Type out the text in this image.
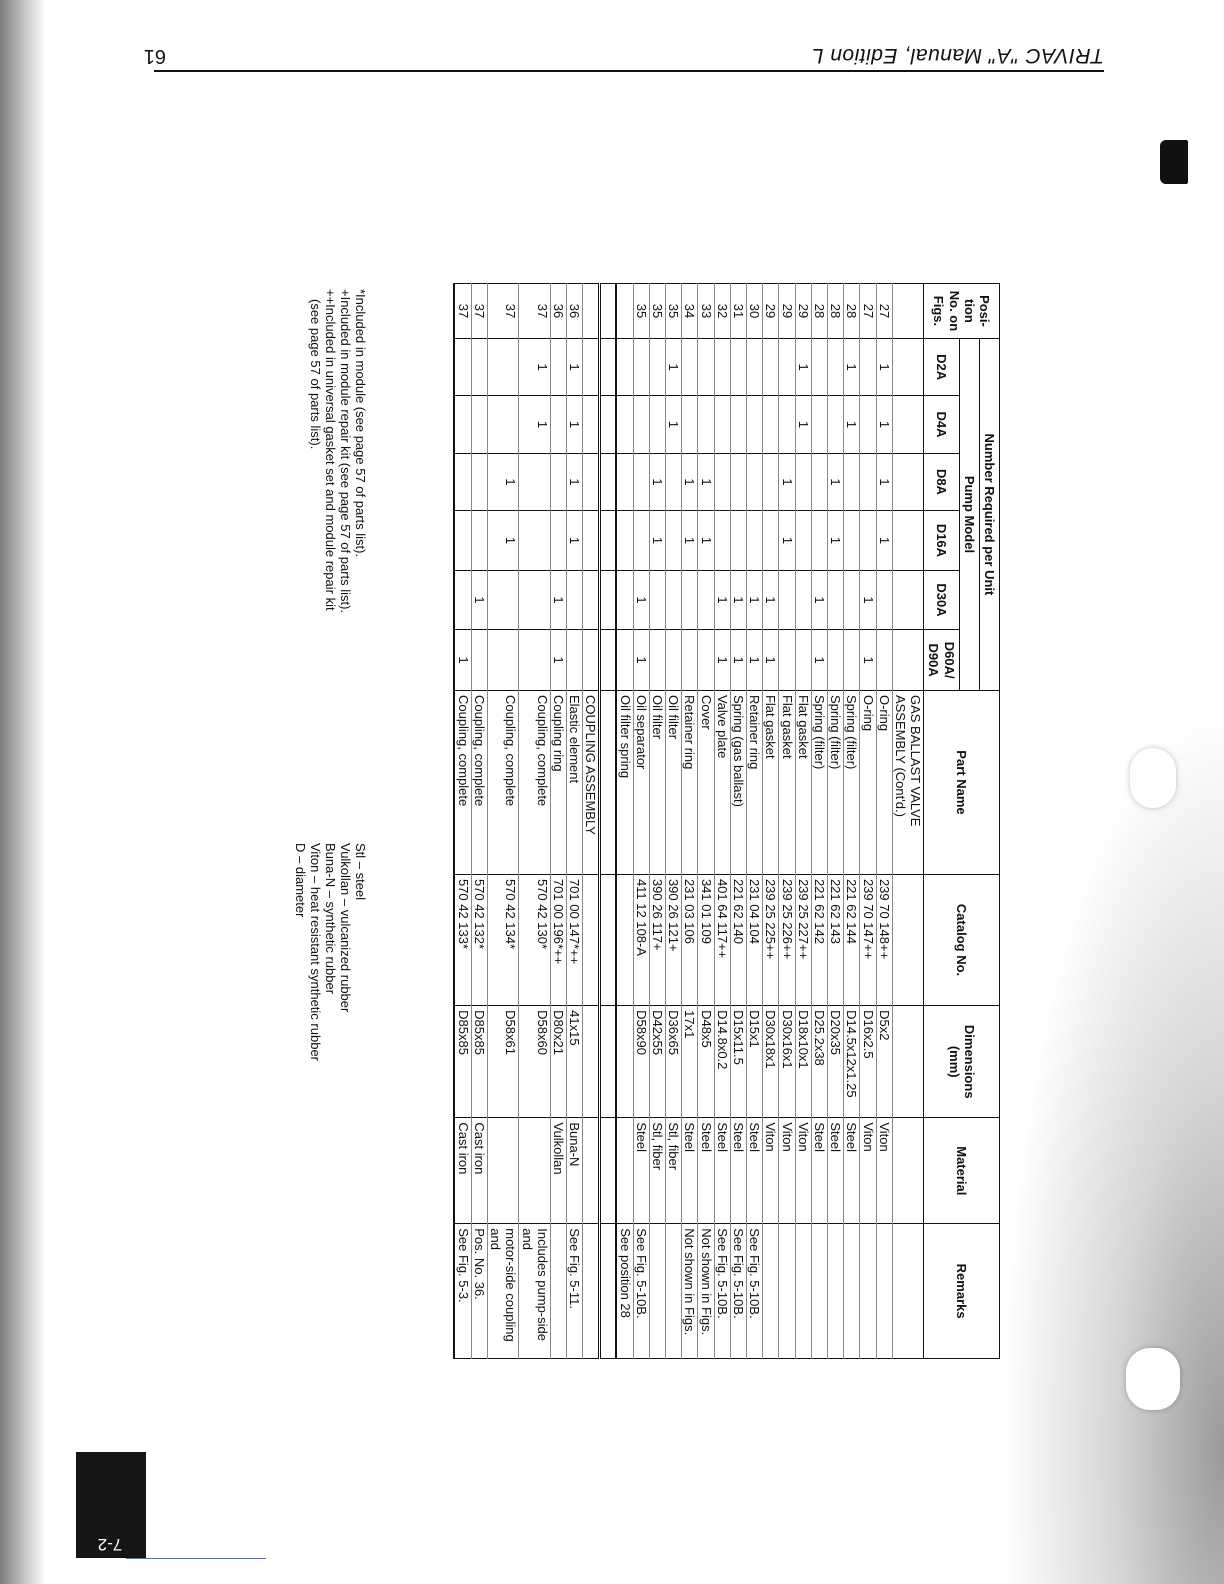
TRIVAC "A" Manual, Edition L
61
7-2
Posi-tion No. on Figs.	Number Required per Unit						Part Name	Catalog No.	Dimensions (mm)	Material	Remarks
	Pump Model										
	D2A	D4A	D8A	D16A	D30A	D60A/ D90A					
							GAS BALLAST VALVE ASSEMBLY (Cont'd.)				
27	1	1	1	1			O-ring	239 70 148++	D5x2	Viton	
27					1	1	O-ring	239 70 147++	D16x2.5	Viton	
28	1	1					Spring (filter)	221 62 144	D14.5x12x1.25	Steel	
28			1	1			Spring (filter)	221 62 143	D20x35	Steel	
28					1	1	Spring (filter)	221 62 142	D25.2x38	Steel	
29	1	1					Flat gasket	239 25 227++	D18x10x1	Viton	
29			1	1			Flat gasket	239 25 226++	D30x16x1	Viton	
29					1	1	Flat gasket	239 25 225++	D30x18x1	Viton	
30					1	1	Retainer ring	231 04 104	D15x1	Steel	See Fig. 5-10B.
31					1	1	Spring (gas ballast)	221 62 140	D15x11.5	Steel	See Fig. 5-10B.
32					1	1	Valve plate	401 64 117++	D14.8x0.2	Steel	See Fig. 5-10B.
33			1	1			Cover	341 01 109	D48x5	Steel	Not shown in Figs.
34			1	1			Retainer ring	231 03 106	17x1	Steel	Not shown in Figs.
35	1	1					Oil filter	390 26 121+	D36x65	Stl, fiber	
35			1	1			Oil filter	390 26 117+	D42x55	Stl, fiber	
35					1	1	Oil separator	411 12 108-A	D58x90	Steel	See Fig. 5-10B.
							Oil filter spring				See position 28

							COUPLING ASSEMBLY				
36	1	1	1	1			Elastic element	701 00 147*++	41x15	Buna-N	See Fig. 5-11.
36					1	1	Coupling ring	701 00 196*++	D80x21	Vulkollan	
37	1	1					Coupling, complete	570 42 130*	D58x60		Includes pump-side and
37			1	1			Coupling, complete	570 42 134*	D58x61		motor-side coupling and
37					1		Coupling, complete	570 42 132*	D85x85	Cast iron	Pos. No. 36.
37						1	Coupling, complete	570 42 133*	D85x85	Cast iron	See Fig. 5-3.
*Included in module (see page 57 of parts list).
+Included in module repair kit (see page 57 of parts list).
++Included in universal gasket set and module repair kit
(see page 57 of parts list).
Stl – steel
Vulkollan – vulcanized rubber
Buna-N – synthetic rubber
Viton – heat resistant synthetic rubber
D – diameter
